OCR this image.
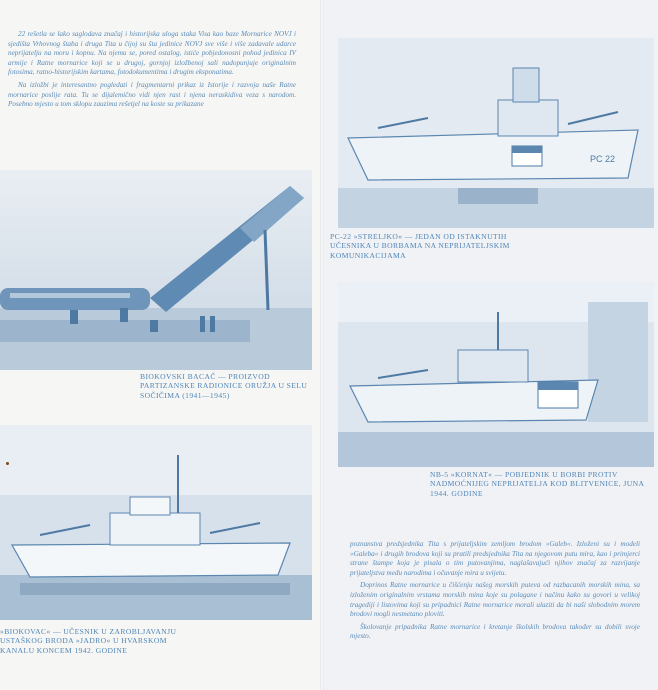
22 rešetla se lako saglodava značaj i historijska uloga staka Visa kao baze Mornarice NOVJ i sjedišta Vrhovnog štaba i druga Tita u čijoj su šta jedinice NOVJ sve više i više zadavale udarce neprijatelju na moru i kopnu. Na njemu se, pored ostalog, istiće pobjedonosni pohod jedinica IV armije i Ratne mornarice koji se u drugoj, gornjoj izložbenoj sali nadopunjuje originalnim fotosima, ratno-historijskim kartama, fotodokumentima i drugim eksponatima.

Na izložbi je interesantno pogledati i fragmentarni prikaz iz Istorije i razvoja naše Ratne mornarice poslije rata. Tu se dijalemično vidi njen rast i njena neraskidiva veza s narodom. Posebno mjesto u tom sklopu zauzima rešetjel na koste su prikazane

BIOKOVSKI BACAČ — PROIZVOD PARTIZANSKE RADIONICE ORUŽJA U SELU SOČIČIMA (1941—1945)
»BIOKOVAC« — UČESNIK U ZAROBLJAVANJU USTAŠKOG BRODA »JADRO« U HVARSKOM KANALU KONCEM 1942. GODINE
PC 22
PC-22 »STRELJKO« — JEDAN OD ISTAKNUTIH UČESNIKA U BORBAMA NA NEPRIJATELJSKIM KOMUNIKACIJAMA
NB-5 »KORNAT« — POBJEDNIK U BORBI PROTIV NADMOĆNIJEG NEPRIJATELJA KOD BLITVENICE, JUNA 1944. GODINE

poznanstva predsjednika Tita s prijateljskim zemljom brodom »Galeb«. Izloženi su i modeli »Galeba« i drugih brodova koji su pratili predsjednika Tita na njegovom putu mira, kao i primjerci strane štampe koja je pisala o tim putovanjima, naglašavajući njihov značaj za razvijanje prijateljstva među narodima i očuvanje mira u svijetu.

Doprinos Ratne mornarice u čišćenju našeg morskih puteva od razbacanih morskih mina, sa izloženim originalnim vrstama morskih mina koje su polagane i načinu kako su govori u velikoj tragediji i listovima koji su pripadnici Ratne mornarice morali ulaziti da bi naši slobodnim morem brodovi mogli nesmetano ploviti.

Školovanje pripadnika Ratne mornarice i kretanje školskih brodova također su dobili svoje mjesto.
